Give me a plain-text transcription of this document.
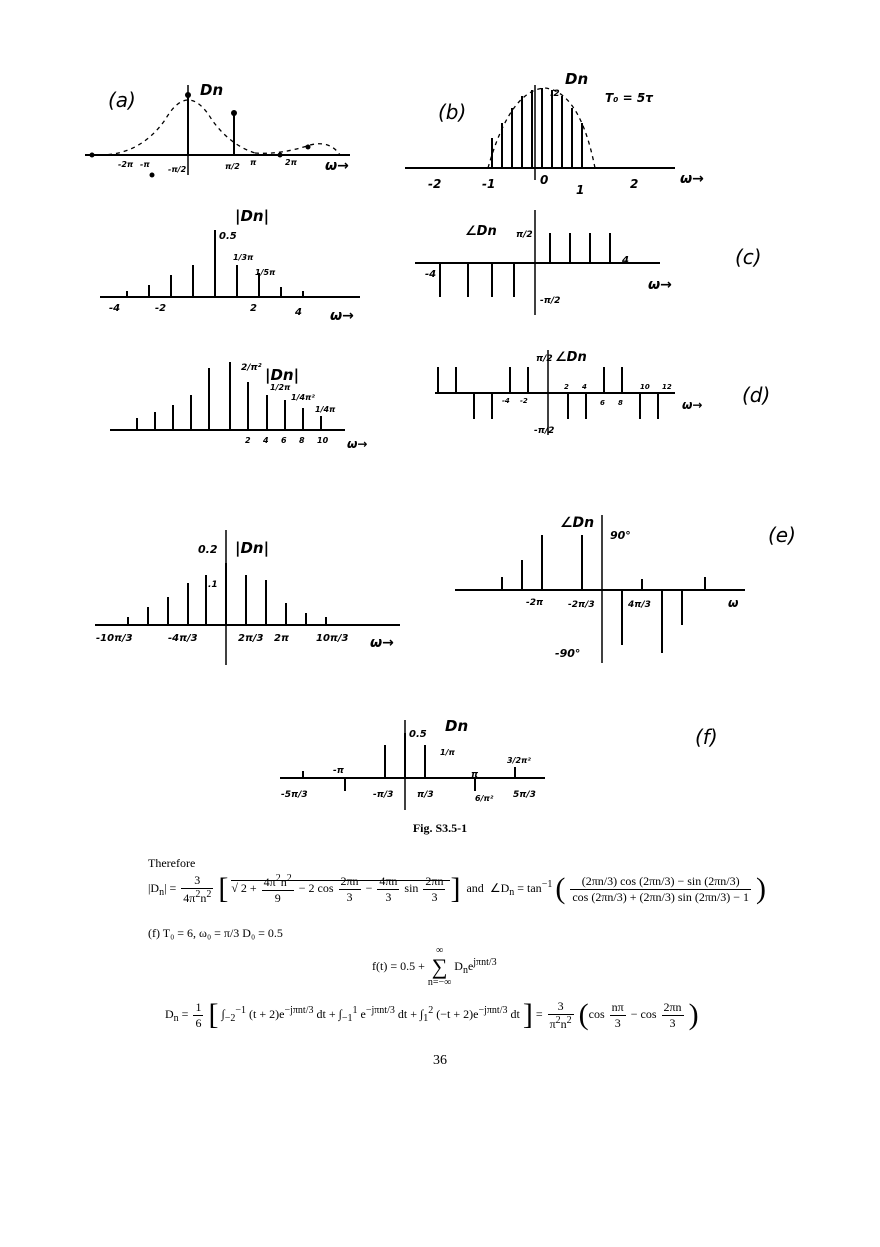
(a)	Dn
ω→
-2π -π
-π/2	π/2 π	2π
(b)
Dn
.2	T₀ = 5τ
ω→
-2	-1	0
1	2
|Dn|
0.5
1/3π
1/5π
ω→
-4	-2	2	4
(c)
∠Dn π/2
-π/2
-4
4
ω→
|Dn|
2/π²
1/2π
1/4π²
1/4π
ω→
2 4 6 8 10
(d)
∠Dn
π/2
-π/2
ω→
-4 -2
2 4
6 8
10 12
|Dn|
0.2
.1
ω→
-10π/3	-4π/3	2π/3 2π	10π/3
(e)
∠Dn
90°
-90°
ω
-2π	-2π/3	4π/3
(f)
Dn
0.5
1/π
3/2π²
-π	π
-5π/3	-π/3	π/3	6/π² 5π/3
Fig. S3.5-1
Therefore
$|D_n| = \frac{3}{4\pi^2n^2}$ [ √ $2 + \frac{4\pi^2n^2}{9} - 2$ $\cos \frac{2\pi n}{3} - \frac{4\pi n}{3}$ $\sin \frac{2\pi n}{3}$ ] and  $\angle D_n = \tan^{-1}$ ( $\frac{(2\pi n/3) \cos (2\pi n/3) - \sin (2\pi n/3)}{\cos (2\pi n/3) + (2\pi n/3) \sin (2\pi n/3) - 1}$ )
(f) T₀ = 6, ω₀ = π/3 D₀ = 0.5
f(t) = 0.5 + ∞
∑
n=−∞ $D_ne^{j\pi nt/3}$
$D_n = \frac{1}{6}$ [ $\int_{-2}^{-1}$ $(t + 2)e^{-j\pi nt/3}$ dt + $\int_{-1}^1$ $e^{-j\pi nt/3}$ dt + $\int_1^2$ $(-t + 2)e^{-j\pi nt/3}$ dt ] = $\frac{3}{\pi^2n^2} (\cos \frac{n\pi}{3} - \cos \frac{2\pi n}{3}$ )
36
